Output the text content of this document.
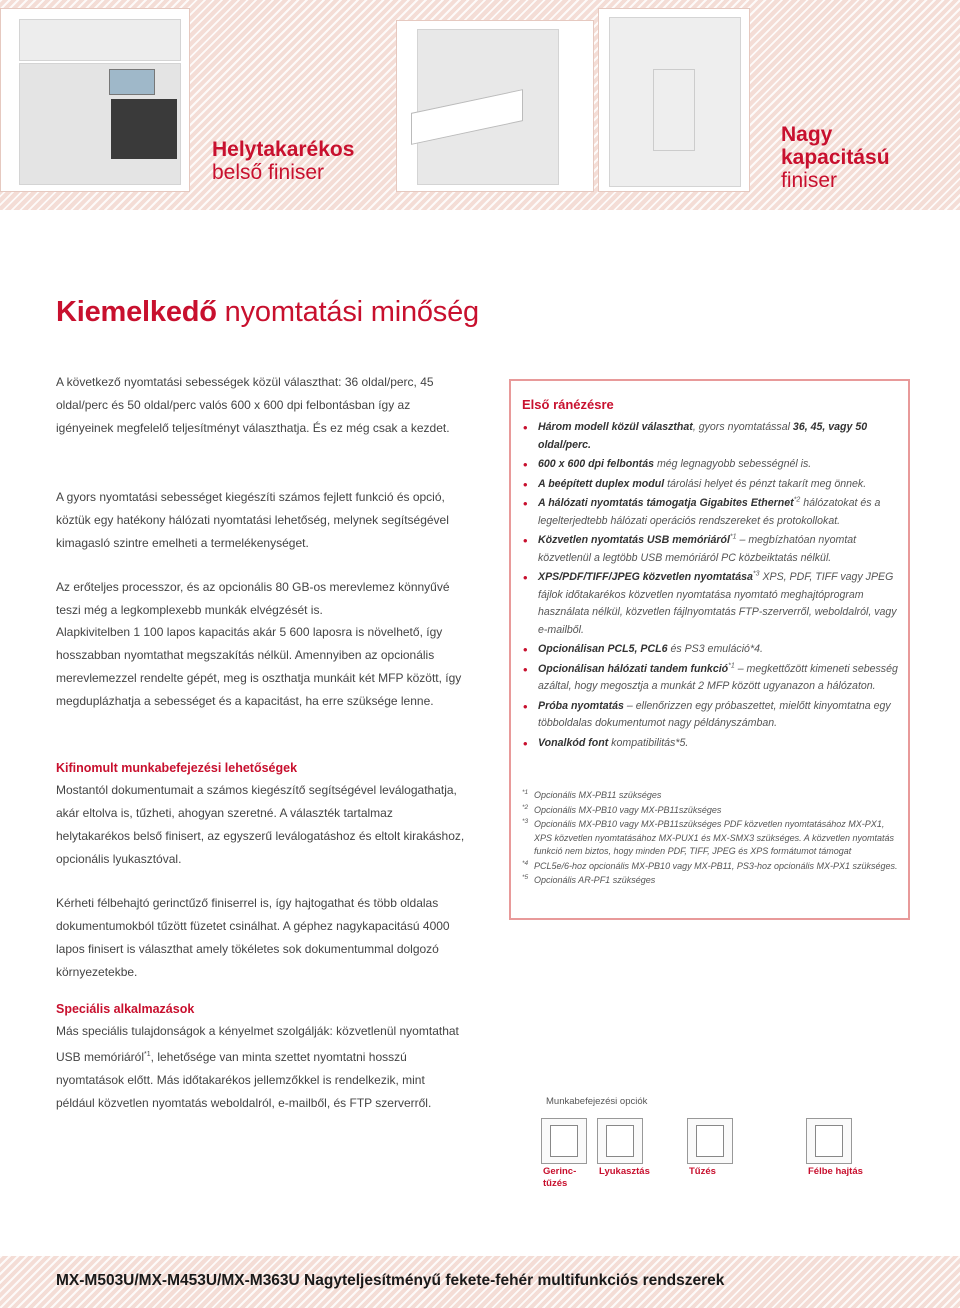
Helytakarékos
belső finiser
Nagy
kapacitású
finiser
Kiemelkedő nyomtatási minőség
A következő nyomtatási sebességek közül választhat: 36 oldal/perc, 45 oldal/perc és 50 oldal/perc valós 600 x 600 dpi felbontásban így az igényeinek megfelelő teljesítményt választhatja. És ez még csak a kezdet.
A gyors nyomtatási sebességet kiegészíti számos fejlett funkció és opció, köztük egy hatékony hálózati nyomtatási lehetőség, melynek segítségével kimagasló szintre emelheti a termelékenységet.
Az erőteljes processzor, és az opcionális 80 GB-os merevlemez könnyűvé teszi még a legkomplexebb munkák elvégzését is.
Alapkivitelben 1 100 lapos kapacitás akár 5 600 laposra is növelhető, így hosszabban nyomtathat megszakítás nélkül. Amennyiben az opcionális merevlemezzel rendelte gépét, meg is oszthatja munkáit két MFP között, így megduplázhatja a sebességet és a kapacitást, ha erre szüksége lenne.
Kifinomult munkabefejezési lehetőségek
Mostantól dokumentumait a számos kiegészítő segítségével leválogathatja, akár eltolva is, tűzheti, ahogyan szeretné. A választék tartalmaz helytakarékos belső finisert, az egyszerű leválogatáshoz és eltolt kirakáshoz, opcionális lyukasztóval.
Kérheti félbehajtó gerinctűző finiserrel is, így hajtogathat és több oldalas dokumentumokból tűzött füzetet csinálhat. A géphez nagykapacitású 4000 lapos finisert is választhat amely tökéletes sok dokumentummal dolgozó környezetekbe.
Speciális alkalmazások
Más speciális tulajdonságok a kényelmet szolgálják: közvetlenül nyomtathat USB memóriáról$^{*1}$, lehetősége van minta szettet nyomtatni hosszú nyomtatások előtt. Más időtakarékos jellemzőkkel is rendelkezik, mint például közvetlen nyomtatás weboldalról, e-mailből, és FTP szerverről.
Első ránézésre
• Három modell közül választhat, gyors nyomtatással 36, 45, vagy 50 oldal/perc.
• 600 x 600 dpi felbontás még legnagyobb sebességnél is.
• A beépített duplex modul tárolási helyet és pénzt takarít meg önnek.
• A hálózati nyomtatás támogatja Gigabites Ethernet$^{*2}$ hálózatokat és a legelterjedtebb hálózati operációs rendszereket és protokollokat.
• Közvetlen nyomtatás USB memóriáról$^{*1}$ – megbízhatóan nyomtat közvetlenül a legtöbb USB memóriáról PC közbeiktatás nélkül.
• XPS/PDF/TIFF/JPEG közvetlen nyomtatása$^{*3}$ XPS, PDF, TIFF vagy JPEG fájlok időtakarékos közvetlen nyomtatása nyomtató meghajtóprogram használata nélkül, közvetlen fájlnyomtatás FTP-szerverről, weboldalról, vagy e-mailből.
• Opcionálisan PCL5, PCL6 és PS3 emuláció*4.
• Opcionálisan hálózati tandem funkció$^{*1}$ – megkettőzött kimeneti sebesség azáltal, hogy megosztja a munkát 2 MFP között ugyanazon a hálózaton.
• Próba nyomtatás – ellenőrizzen egy próbaszettet, mielőtt kinyomtatna egy többoldalas dokumentumot nagy példányszámban.
• Vonalkód font kompatibilitás*5.
*1 Opcionális MX-PB11 szükséges
*2 Opcionális MX-PB10 vagy MX-PB11szükséges
*3 Opcionális MX-PB10 vagy MX-PB11szükséges PDF közvetlen nyomtatásához MX-PX1, XPS közvetlen nyomtatásához MX-PUX1 és MX-SMX3 szükséges. A közvetlen nyomtatás funkció nem biztos, hogy minden PDF, TIFF, JPEG és XPS formátumot támogat
*4 PCL5e/6-hoz opcionális MX-PB10 vagy MX-PB11, PS3-hoz opcionális MX-PX1 szükséges.
*5 Opcionális AR-PF1 szükséges
Munkabefejezési opciók
Gerinc-
tűzés
Lyukasztás	Tűzés	Félbe hajtás
MX-M503U/MX-M453U/MX-M363U Nagyteljesítményű fekete-fehér multifunkciós rendszerek
